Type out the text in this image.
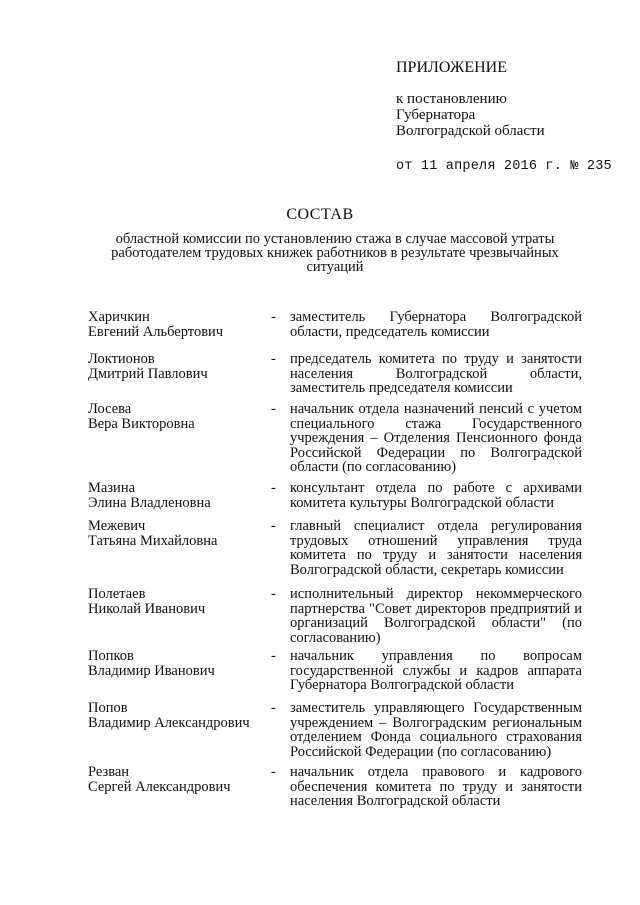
ПРИЛОЖЕНИЕ
к постановлению
Губернатора
Волгоградской области
от 11 апреля 2016 г. № 235
СОСТАВ
областной комиссии по установлению стажа в случае массовой утраты работодателем трудовых книжек работников в результате чрезвычайных ситуаций
Харичкин
Евгений Альбертович
- заместитель Губернатора Волгоградской области, председатель комиссии
Локтионов
Дмитрий Павлович
- председатель комитета по труду и занятости населения Волгоградской области, заместитель председателя комиссии
Лосева
Вера Викторовна
- начальник отдела назначений пенсий с учетом специального стажа Государственного учреждения – Отделения Пенсионного фонда Российской Федерации по Волгоградской области (по согласованию)
Мазина
Элина Владленовна
- консультант отдела по работе с архивами комитета культуры Волгоградской области
Межевич
Татьяна Михайловна
- главный специалист отдела регулирования трудовых отношений управления труда комитета по труду и занятости населения Волгоградской области, секретарь комиссии
Полетаев
Николай Иванович
- исполнительный директор некоммерческого партнерства "Совет директоров предприятий и организаций Волгоградской области" (по согласованию)
Попков
Владимир Иванович
- начальник управления по вопросам государственной службы и кадров аппарата Губернатора Волгоградской области
Попов
Владимир Александрович
- заместитель управляющего Государственным учреждением – Волгоградским региональным отделением Фонда социального страхования Российской Федерации (по согласованию)
Резван
Сергей Александрович
- начальник отдела правового и кадрового обеспечения комитета по труду и занятости населения Волгоградской области
